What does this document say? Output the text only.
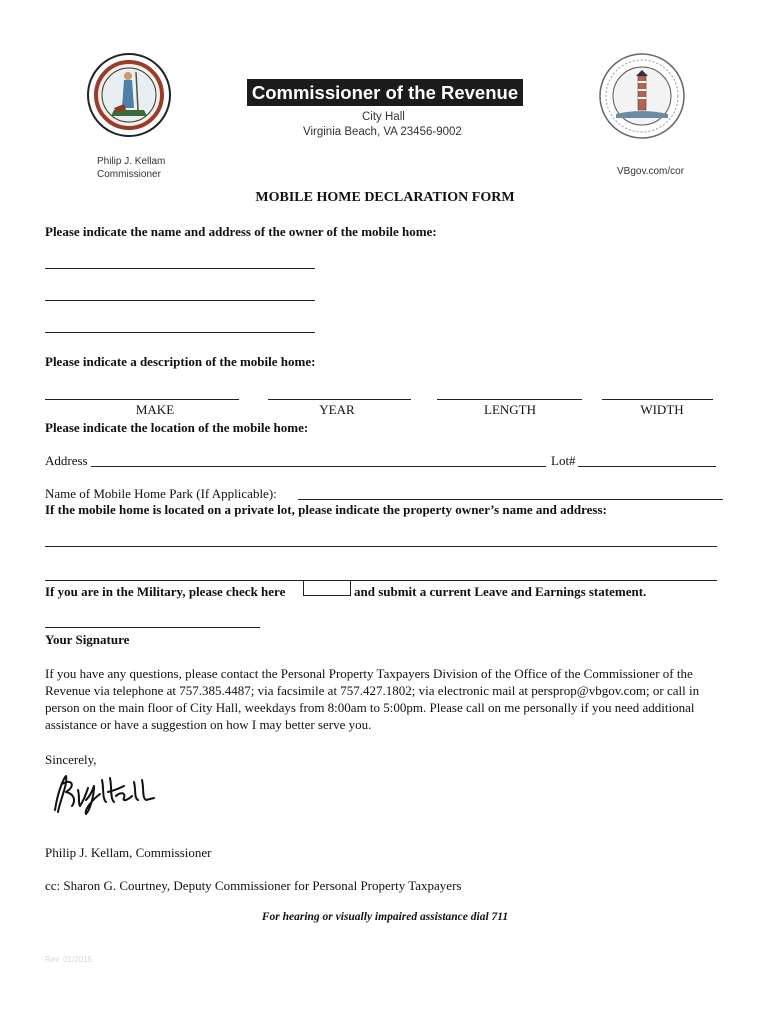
Commissioner of the Revenue
City Hall
Virginia Beach, VA 23456-9002
Philip J. Kellam
Commissioner	VBgov.com/cor
MOBILE HOME DECLARATION FORM
Please indicate the name and address of the owner of the mobile home:
Please indicate a description of the mobile home:
MAKE	YEAR	LENGTH	WIDTH
Please indicate the location of the mobile home:
Address	Lot#
Name of Mobile Home Park (If Applicable):
If the mobile home is located on a private lot, please indicate the property owner’s name and address:
If you are in the Military, please check here	and submit a current Leave and Earnings statement.
Your Signature
If you have any questions, please contact the Personal Property Taxpayers Division of the Office of the Commissioner of the Revenue via telephone at 757.385.4487; via facsimile at 757.427.1802; via electronic mail at persprop@vbgov.com; or call in person on the main floor of City Hall, weekdays from 8:00am to 5:00pm. Please call on me personally if you need additional assistance or have a suggestion on how I may better serve you.
Sincerely,
Philip J. Kellam, Commissioner
cc: Sharon G. Courtney, Deputy Commissioner for Personal Property Taxpayers
For hearing or visually impaired assistance dial 711
Rev. 01/2015
